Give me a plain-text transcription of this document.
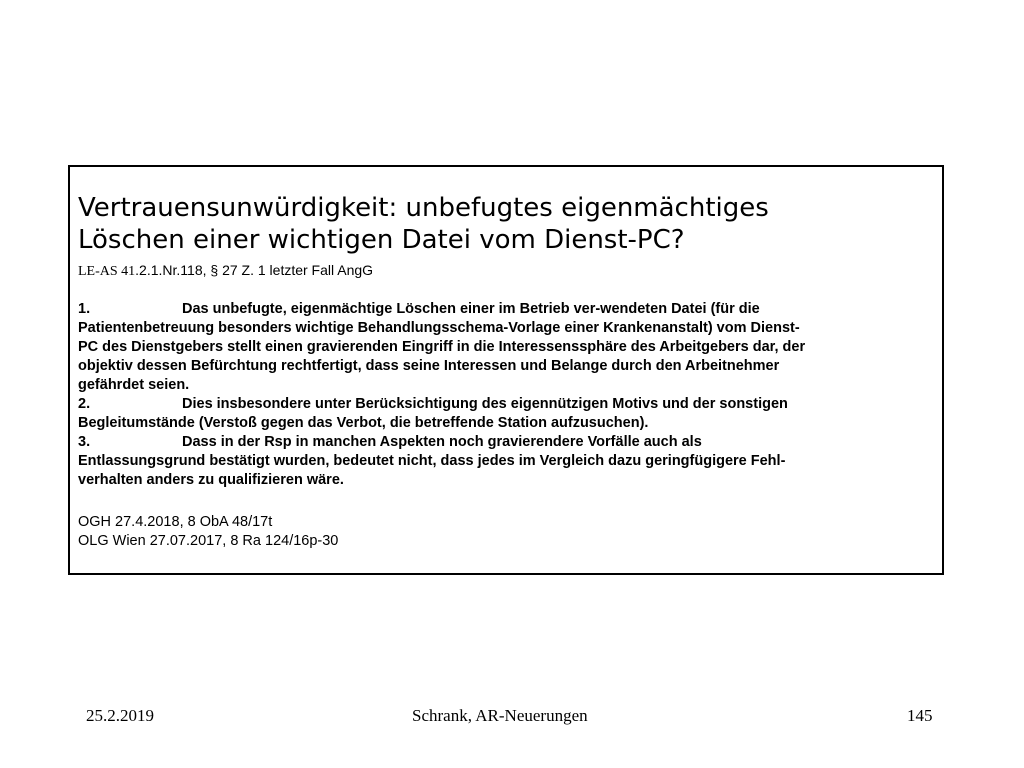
Vertrauensunwürdigkeit: unbefugtes eigenmächtiges
Löschen einer wichtigen Datei vom Dienst-PC?
LE-AS 41.2.1.Nr.118, § 27 Z. 1 letzter Fall AngG
1.	Das unbefugte, eigenmächtige Löschen einer im Betrieb ver-wendeten Datei (für die
Patientenbetreuung besonders wichtige Behandlungsschema-Vorlage einer Krankenanstalt) vom Dienst-
PC des Dienstgebers stellt einen gravierenden Eingriff in die Interessenssphäre des Arbeitgebers dar, der
objektiv dessen Befürchtung rechtfertigt, dass seine Interessen und Belange durch den Arbeitnehmer
gefährdet seien.
2.	Dies insbesondere unter Berücksichtigung des eigennützigen Motivs und der sonstigen
Begleitumstände (Verstoß gegen das Verbot, die betreffende Station aufzusuchen).
3.	Dass in der Rsp in manchen Aspekten noch gravierendere Vorfälle auch als
Entlassungsgrund bestätigt wurden, bedeutet nicht, dass jedes im Vergleich dazu geringfügigere Fehl-
verhalten anders zu qualifizieren wäre.
OGH 27.4.2018, 8 ObA 48/17t
OLG Wien 27.07.2017, 8 Ra 124/16p-30
25.2.2019	Schrank, AR-Neuerungen	145
